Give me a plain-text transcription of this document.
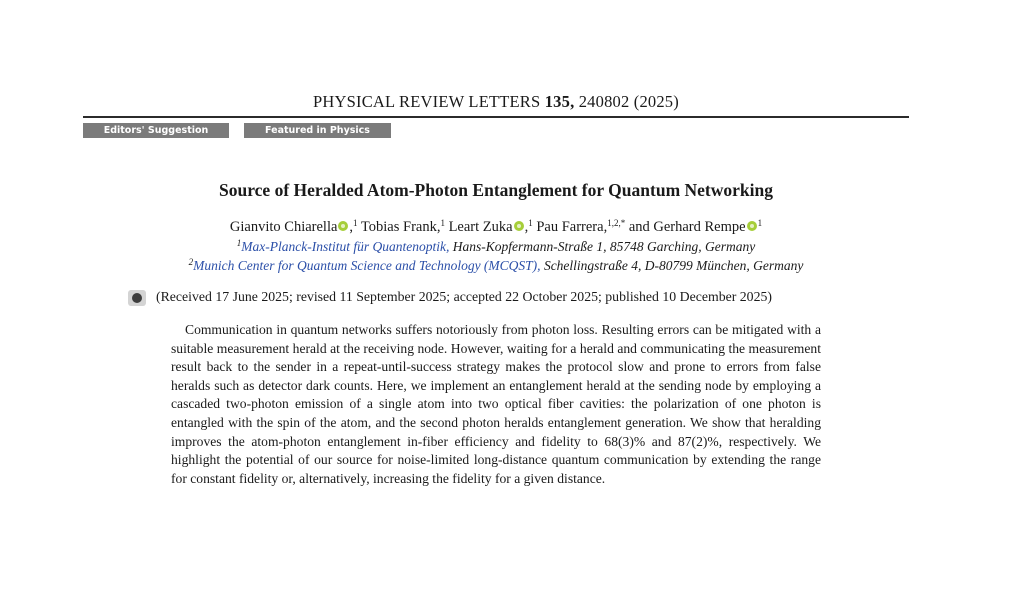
PHYSICAL REVIEW LETTERS 135, 240802 (2025)
Editors' Suggestion	Featured in Physics
Source of Heralded Atom-Photon Entanglement for Quantum Networking
Gianvito Chiarella ,$^1$ Tobias Frank,$^1$ Leart Zuka ,$^1$ Pau Farrera,$^{1,2,*}$ and Gerhard Rempe $^1$
$^1$Max-Planck-Institut für Quantenoptik, Hans-Kopfermann-Straße 1, 85748 Garching, Germany
$^2$Munich Center for Quantum Science and Technology (MCQST), Schellingstraße 4, D-80799 München, Germany
(Received 17 June 2025; revised 11 September 2025; accepted 22 October 2025; published 10 December 2025)

Communication in quantum networks suffers notoriously from photon loss. Resulting errors can be mitigated with a suitable measurement herald at the receiving node. However, waiting for a herald and communicating the measurement result back to the sender in a repeat-until-success strategy makes the protocol slow and prone to errors from false heralds such as detector dark counts. Here, we implement an entanglement herald at the sending node by employing a cascaded two-photon emission of a single atom into two optical fiber cavities: the polarization of one photon is entangled with the spin of the atom, and the second photon heralds entanglement generation. We show that heralding improves the atom-photon entanglement in-fiber efficiency and fidelity to 68(3)% and 87(2)%, respectively. We highlight the potential of our source for noise-limited long-distance quantum communication by extending the range for constant fidelity or, alternatively, increasing the fidelity for a given distance.
